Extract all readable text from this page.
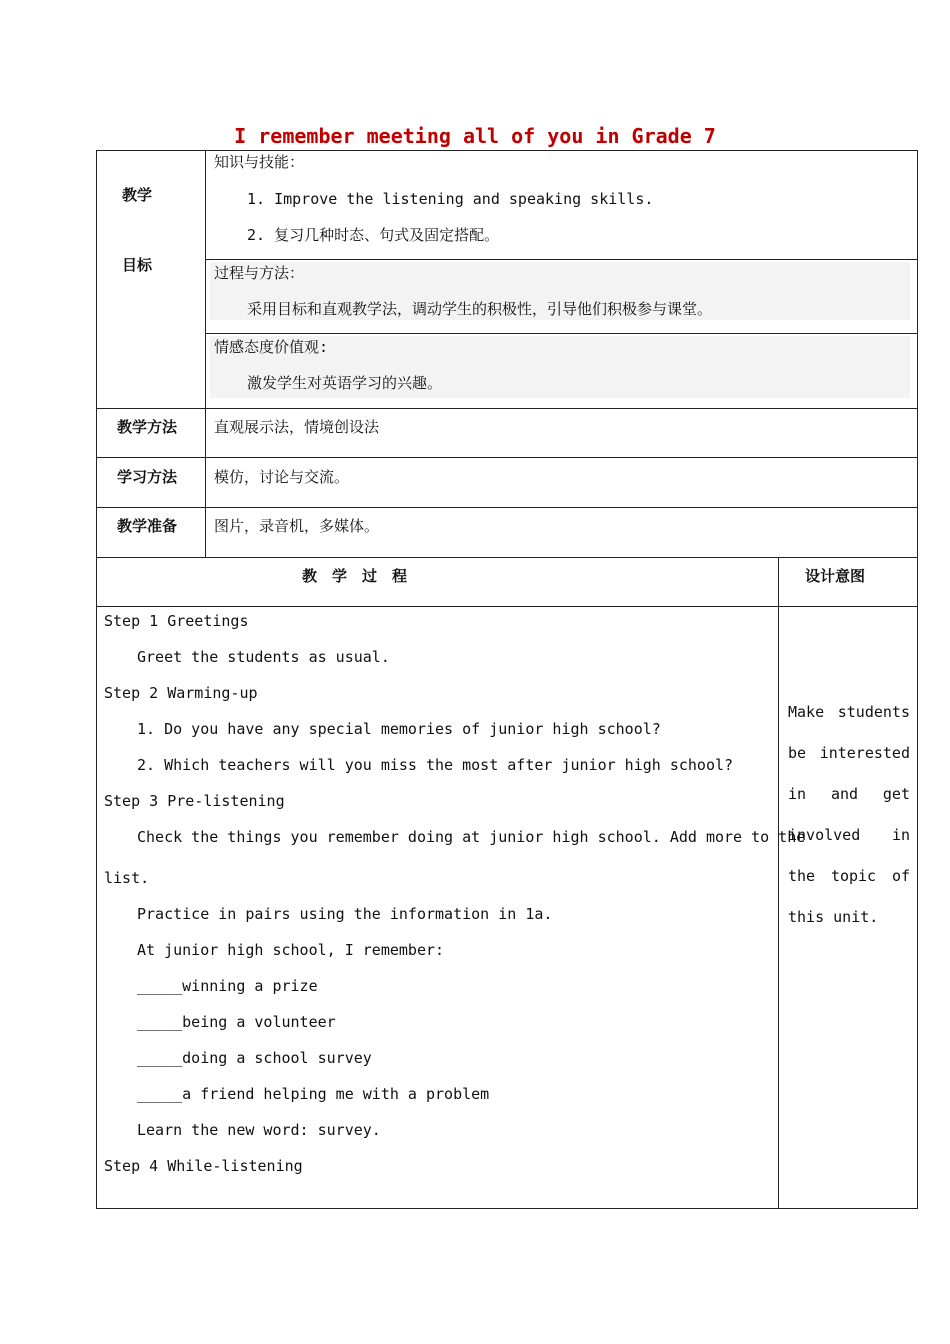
I remember meeting all of you in Grade 7
教学
目标
知识与技能：
1. Improve the listening and speaking skills.
2. 复习几种时态、句式及固定搭配。
过程与方法：
采用目标和直观教学法，调动学生的积极性，引导他们积极参与课堂。
情感态度价值观:
激发学生对英语学习的兴趣。
教学方法 直观展示法，情境创设法
学习方法 模仿，讨论与交流。
教学准备 图片，录音机，多媒体。
教　学　过　程	设计意图
Step 1 Greetings
Greet the students as usual.
Step 2 Warming-up
1. Do you have any special memories of junior high school?
2. Which teachers will you miss the most after junior high school?
Step 3 Pre-listening
Check the things you remember doing at junior high school. Add more to the
list.
Practice in pairs using the information in 1a.
At junior high school, I remember:
_____winning a prize
_____being a volunteer
_____doing a school survey
_____a friend helping me with a problem
Learn the new word: survey.
Step 4 While-listening
Make students
be interested
in and get
involved in
the topic of
this unit.
